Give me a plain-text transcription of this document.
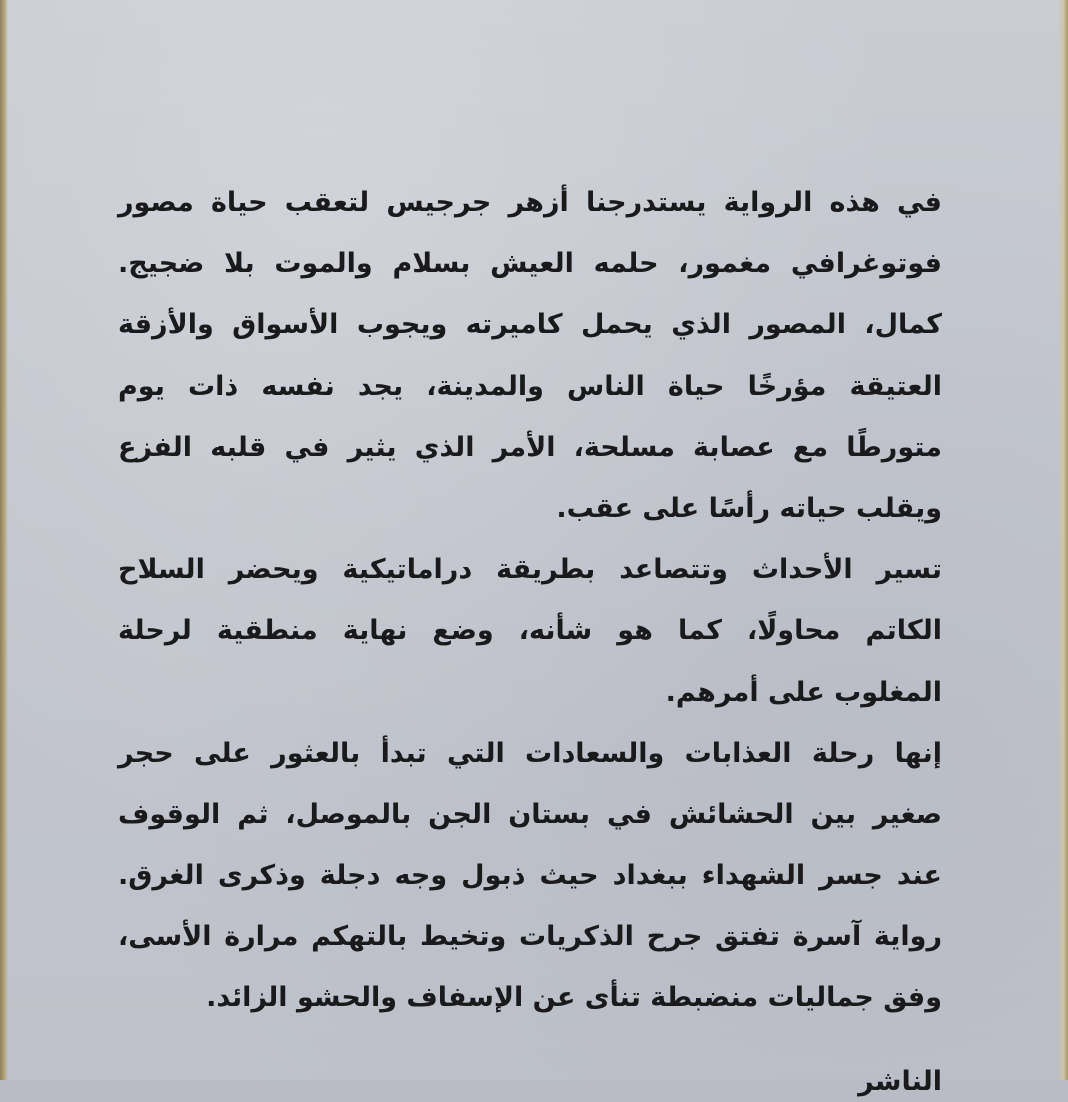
في هذه الرواية يستدرجنا أزهر جرجيس لتعقب حياة مصور
فوتوغرافي مغمور، حلمه العيش بسلام والموت بلا ضجيج.
كمال، المصور الذي يحمل كاميرته ويجوب الأسواق والأزقة
العتيقة مؤرخًا حياة الناس والمدينة، يجد نفسه ذات يوم
متورطًا مع عصابة مسلحة، الأمر الذي يثير في قلبه الفزع
ويقلب حياته رأسًا على عقب.
تسير الأحداث وتتصاعد بطريقة دراماتيكية ويحضر السلاح
الكاتم محاولًا، كما هو شأنه، وضع نهاية منطقية لرحلة
المغلوب على أمرهم.
إنها رحلة العذابات والسعادات التي تبدأ بالعثور على حجر
صغير بين الحشائش في بستان الجن بالموصل، ثم الوقوف
عند جسر الشهداء ببغداد حيث ذبول وجه دجلة وذكرى الغرق.
رواية آسرة تفتق جرح الذكريات وتخيط بالتهكم مرارة الأسى،
وفق جماليات منضبطة تنأى عن الإسفاف والحشو الزائد.
الناشر
